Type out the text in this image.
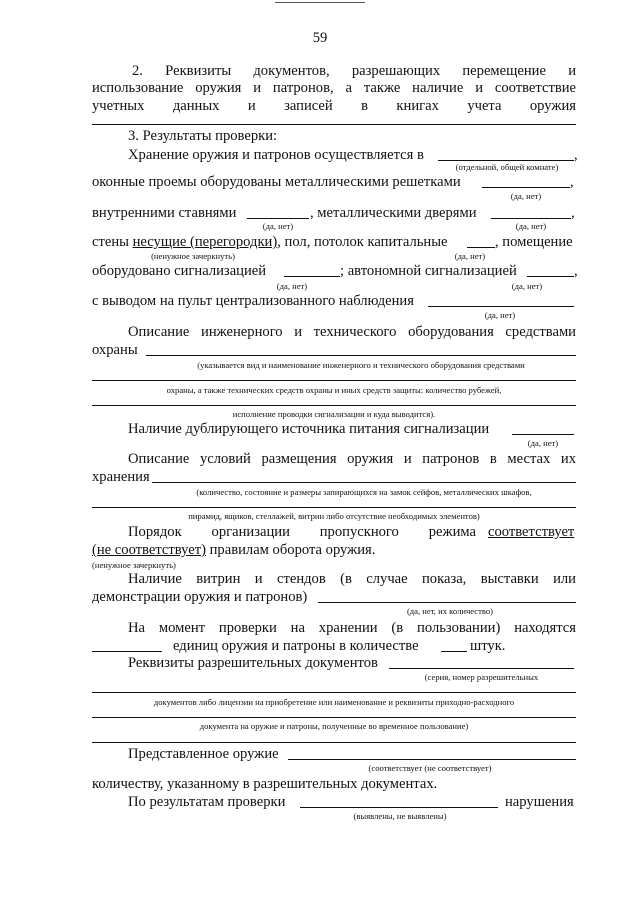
59
2. Реквизиты документов, разрешающих перемещение и
использование оружия и патронов, а также наличие и соответствие
учетных данных и записей в книгах учета оружия
3. Результаты проверки:
Хранение оружия и патронов осуществляется в	,
(отдельной, общей комнате)
оконные проемы оборудованы металлическими решетками	,
(да, нет)
внутренними ставнями	, металлическими дверями	,
(да, нет)	(да, нет)
стены несущие (перегородки), пол, потолок капитальные	, помещение
(ненужное зачеркнуть)	(да, нет)
оборудовано сигнализацией	; автономной сигнализацией	,
(да, нет)	(да, нет)
с выводом на пульт централизованного наблюдения
(да, нет)
Описание инженерного и технического оборудования средствами
охраны
(указывается вид и наименование инженерного и технического оборудования средствами
охраны, а также технических средств охраны и иных средств защиты: количество рубежей,
исполнение проводки сигнализации и куда выводится).
Наличие дублирующего источника питания сигнализации
(да, нет)
Описание условий размещения оружия и патронов в местах их
хранения
(количество, состояние и размеры запирающихся на замок сейфов, металлических шкафов,
пирамид, ящиков, стеллажей, витрин либо отсутствие необходимых элементов)
Порядок организации пропускного режима соответствует
(не соответствует) правилам оборота оружия.
(ненужное зачеркнуть)
Наличие витрин и стендов (в случае показа, выставки или
демонстрации оружия и патронов)
(да, нет, их количество)
На момент проверки на хранении (в пользовании) находятся
единиц оружия и патроны в количестве	штук.
Реквизиты разрешительных документов
(серия, номер разрешительных
документов либо лицензии на приобретение или наименование и реквизиты приходно-расходного
документа на оружие и патроны, полученные во временное пользование)
Представленное оружие
(соответствует (не соответствует)
количеству, указанному в разрешительных документах.
По результатам проверки	нарушения
(выявлены, не выявлены)
